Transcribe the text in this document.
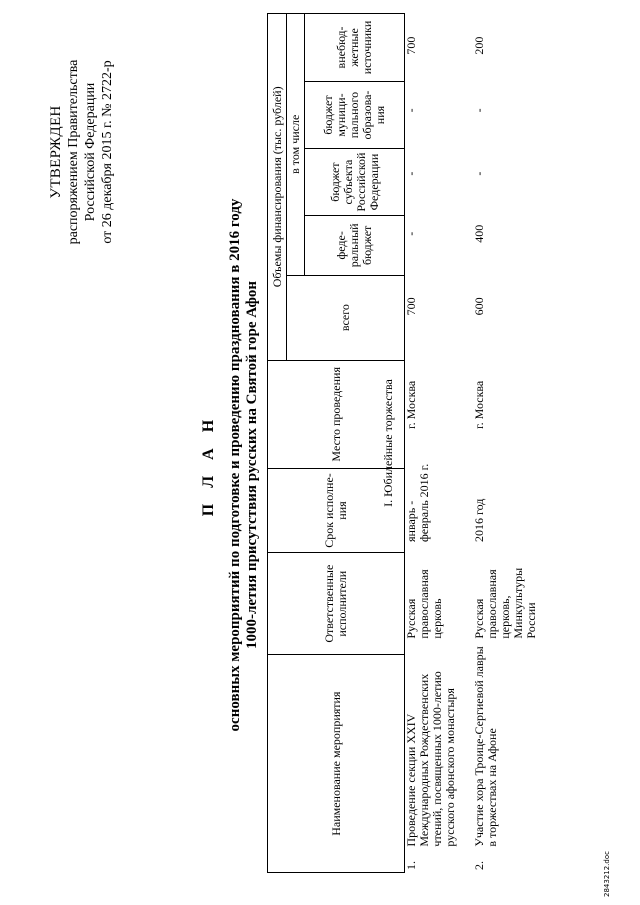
УТВЕРЖДЕН распоряжением Правительства Российской Федерации от 26 декабря 2015 г. № 2722-р
П Л А Н основных мероприятий по подготовке и проведению празднования в 2016 году 1000-летия присутствия русских на Святой горе Афон
Наименование мероприятия	Ответственные исполнители	Срок исполне-ния	Место проведения	Объемы финансирования (тыс. рублей)				
				всего	в том числе			
					феде-ральный бюджет	бюджет субъекта Российской Федерации	бюджет муници-пального образова-ния	внебюд-жетные источники
I. Юбилейные торжества									
1.	Проведение секции XXIV Международных Рождественских чтений, посвященных 1000-летию русского афонского монастыря	Русская православная церковь	январь - февраль 2016 г.	г. Москва	700	-	-	-	700
2.	Участие хора Троице-Сергиевой лавры в торжествах на Афоне	Русская православная церковь, Минкультуры России	2016 год	г. Москва	600	400	-	-	200
2843212.doc
